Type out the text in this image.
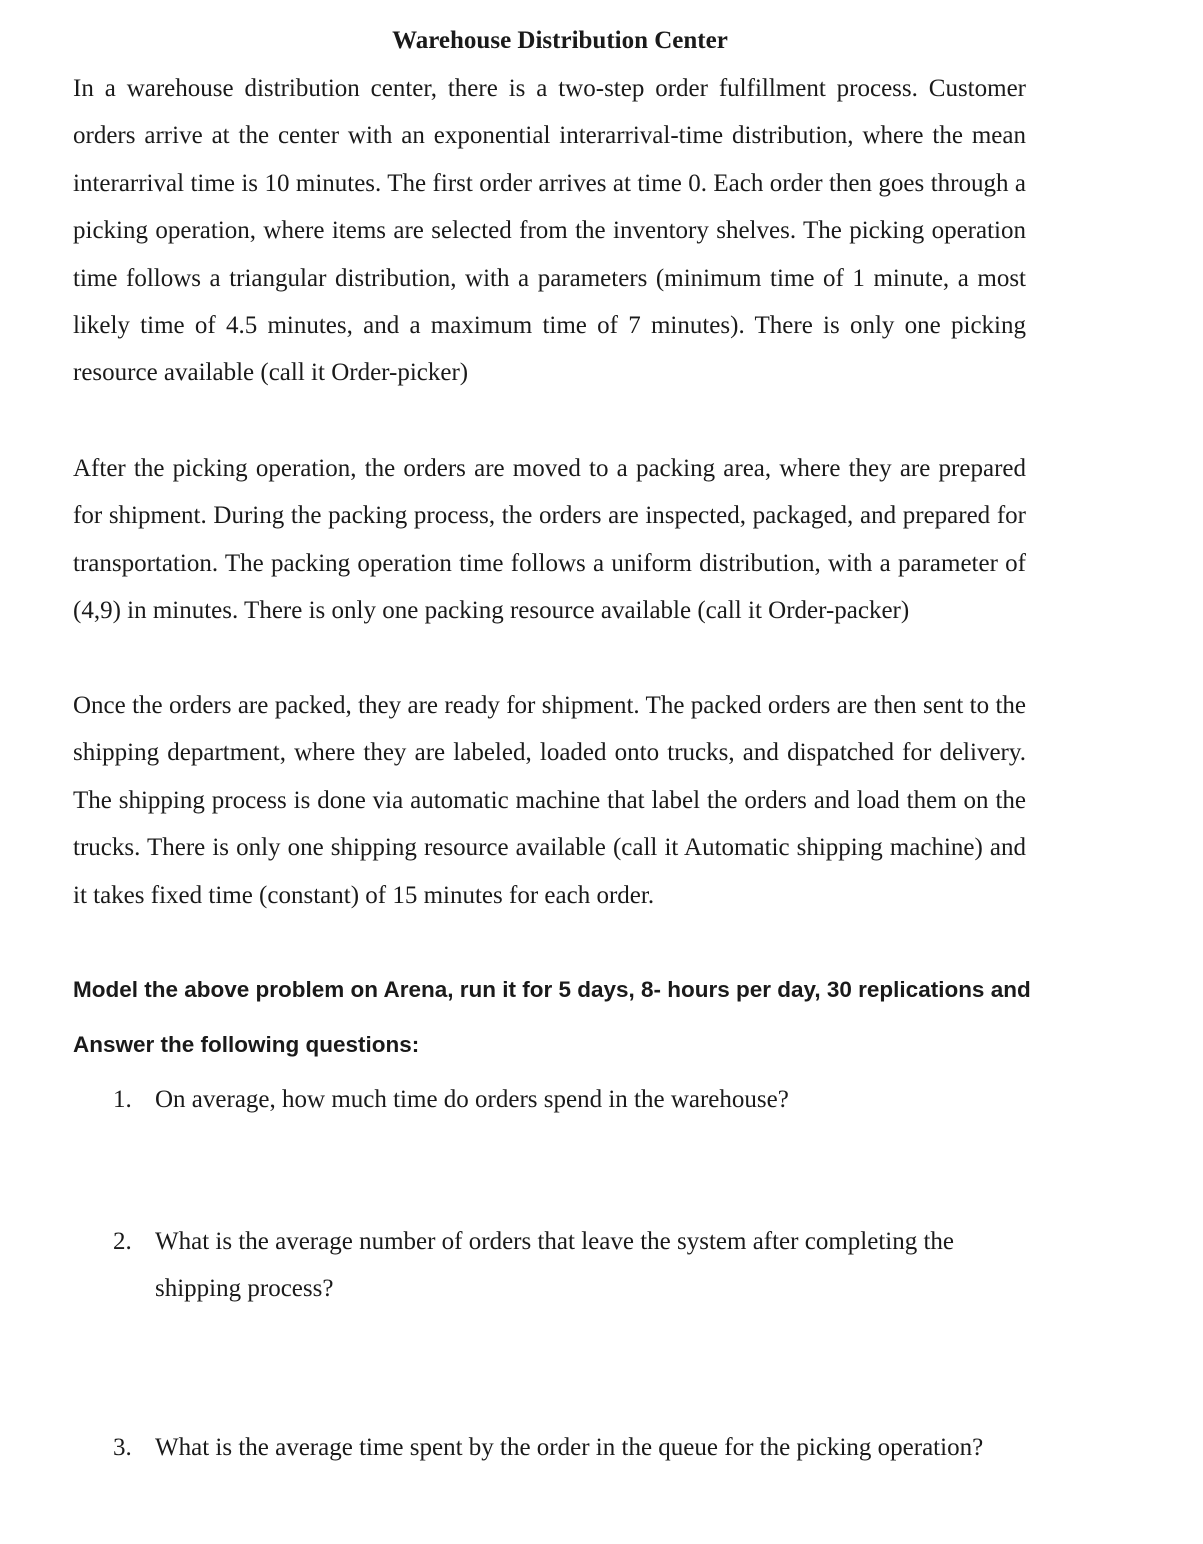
Warehouse Distribution Center

In a warehouse distribution center, there is a two-step order fulfillment process. Customer orders arrive at the center with an exponential interarrival-time distribution, where the mean interarrival time is 10 minutes. The first order arrives at time 0. Each order then goes through a picking operation, where items are selected from the inventory shelves. The picking operation time follows a triangular distribution, with a parameters (minimum time of 1 minute, a most likely time of 4.5 minutes, and a maximum time of 7 minutes). There is only one picking resource available (call it Order-picker)

After the picking operation, the orders are moved to a packing area, where they are prepared for shipment. During the packing process, the orders are inspected, packaged, and prepared for transportation. The packing operation time follows a uniform distribution, with a parameter of (4,9) in minutes. There is only one packing resource available (call it Order-packer)

Once the orders are packed, they are ready for shipment. The packed orders are then sent to the shipping department, where they are labeled, loaded onto trucks, and dispatched for delivery. The shipping process is done via automatic machine that label the orders and load them on the trucks. There is only one shipping resource available (call it Automatic shipping machine) and it takes fixed time (constant) of 15 minutes for each order.

Model the above problem on Arena, run it for 5 days, 8- hours per day, 30 replications and

Answer the following questions:

1. On average, how much time do orders spend in the warehouse?
2. What is the average number of orders that leave the system after completing the shipping process?
3. What is the average time spent by the order in the queue for the picking operation?
